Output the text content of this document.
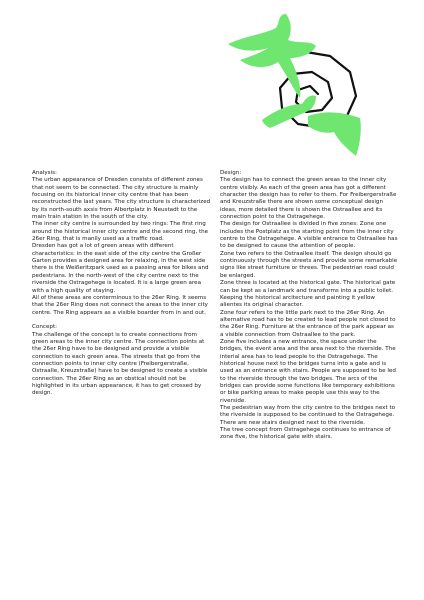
Analysis:

The urban appearance of Dresden consists of different zones that not seem to be connected. The city structure is mainly focusing on its historical inner city centre that has been reconstructed the last years. The city structure is characterized by its north-south axsis from Albertplatz in Neustadt to the main train station in the south of the city.

The inner city centre is surrounded by two rings: The first ring around the historical inner city centre and the second ring, the 26er Ring, that is manily used as a traffic road.

Dresden has got a lot of green areas with different characteristics: in the east side of the city centre the Großer Garten provides a designed area for relaxing, in the west side there is the Weißeritzpark used as a passing area for bikes and pedestrians. In the north-west of the city centre next to the riverside the Ostragehege is located. It is a large green area with a high quality of staying.

All of these areas are conterminous to the 26er Ring. It seems that the 26er Ring does not connect the areas to the inner city centre. The Ring appears as a visible boarder from in and out.

Concept:

The challenge of the concept is to create connections from green areas to the inner city centre. The connection points at the 26er Ring have to be designed and provide a visible connection to each green area. The streets that go from the connection points to inner city centre (Freibergerstraße, Ostraalle, Kreuzstraße) have to be designed to create a visible connection. The 26er Ring as an obstical should not be highlighted in its urban appearance, it has to get crossed by design.

Design:

The design has to connect the green areas to the inner city centre visibly. As each of the green area has got a different character the design has to refer to them. For Freibergerstraße and Kreuzstraße there are shown some conceptual design ideas, more detailed there is shown the Ostraallee and its connection point to the Ostragehege.

The design for Ostraallee is divided in five zones: Zone one includes the Postplatz as the starting point from the inner city centre to the Ostragehege. A visible entrance to Ostraallee has to be designed to cause the attention of people.

Zone two refers to the Ostraallee itself. The design should go continuously through the streets and provide some remarkable signs like street furniture or threes. The pedestrian road could be enlarged.

Zone three is located at the historical gate. The historical gate can be kept as a landmark and transforms into a public toilet. Keeping the historical arcitecture and painting it yellow alientes its original character.

Zone four refers to the little park next to the 26er Ring. An alternative road has to be created to lead people not closed to the 26er Ring. Furniture at the entrance of the park appear as a visible connection from Ostraallee to the park.

Zone five includes a new entrance, the space under the bridges, the event area and the area next to the riverside. The interial area has to lead people to the Ostragehege. The historical house next to the bridges turns into a gate and is used as an entrance with stairs. People are supposed to be led to the riverside through the two bridges. The arcs of the bridges can provide some functions like temporary exhibitions or bike parking areas to make people use this way to the riverside.

The pedestrian way from the city centre to the bridges next to the riverside is supposed to be continued to the Ostragehege. There are new stairs designed next to the riverside.

The tree concept from Ostragehege continues to entrance of zone five, the historical gate with stairs.
